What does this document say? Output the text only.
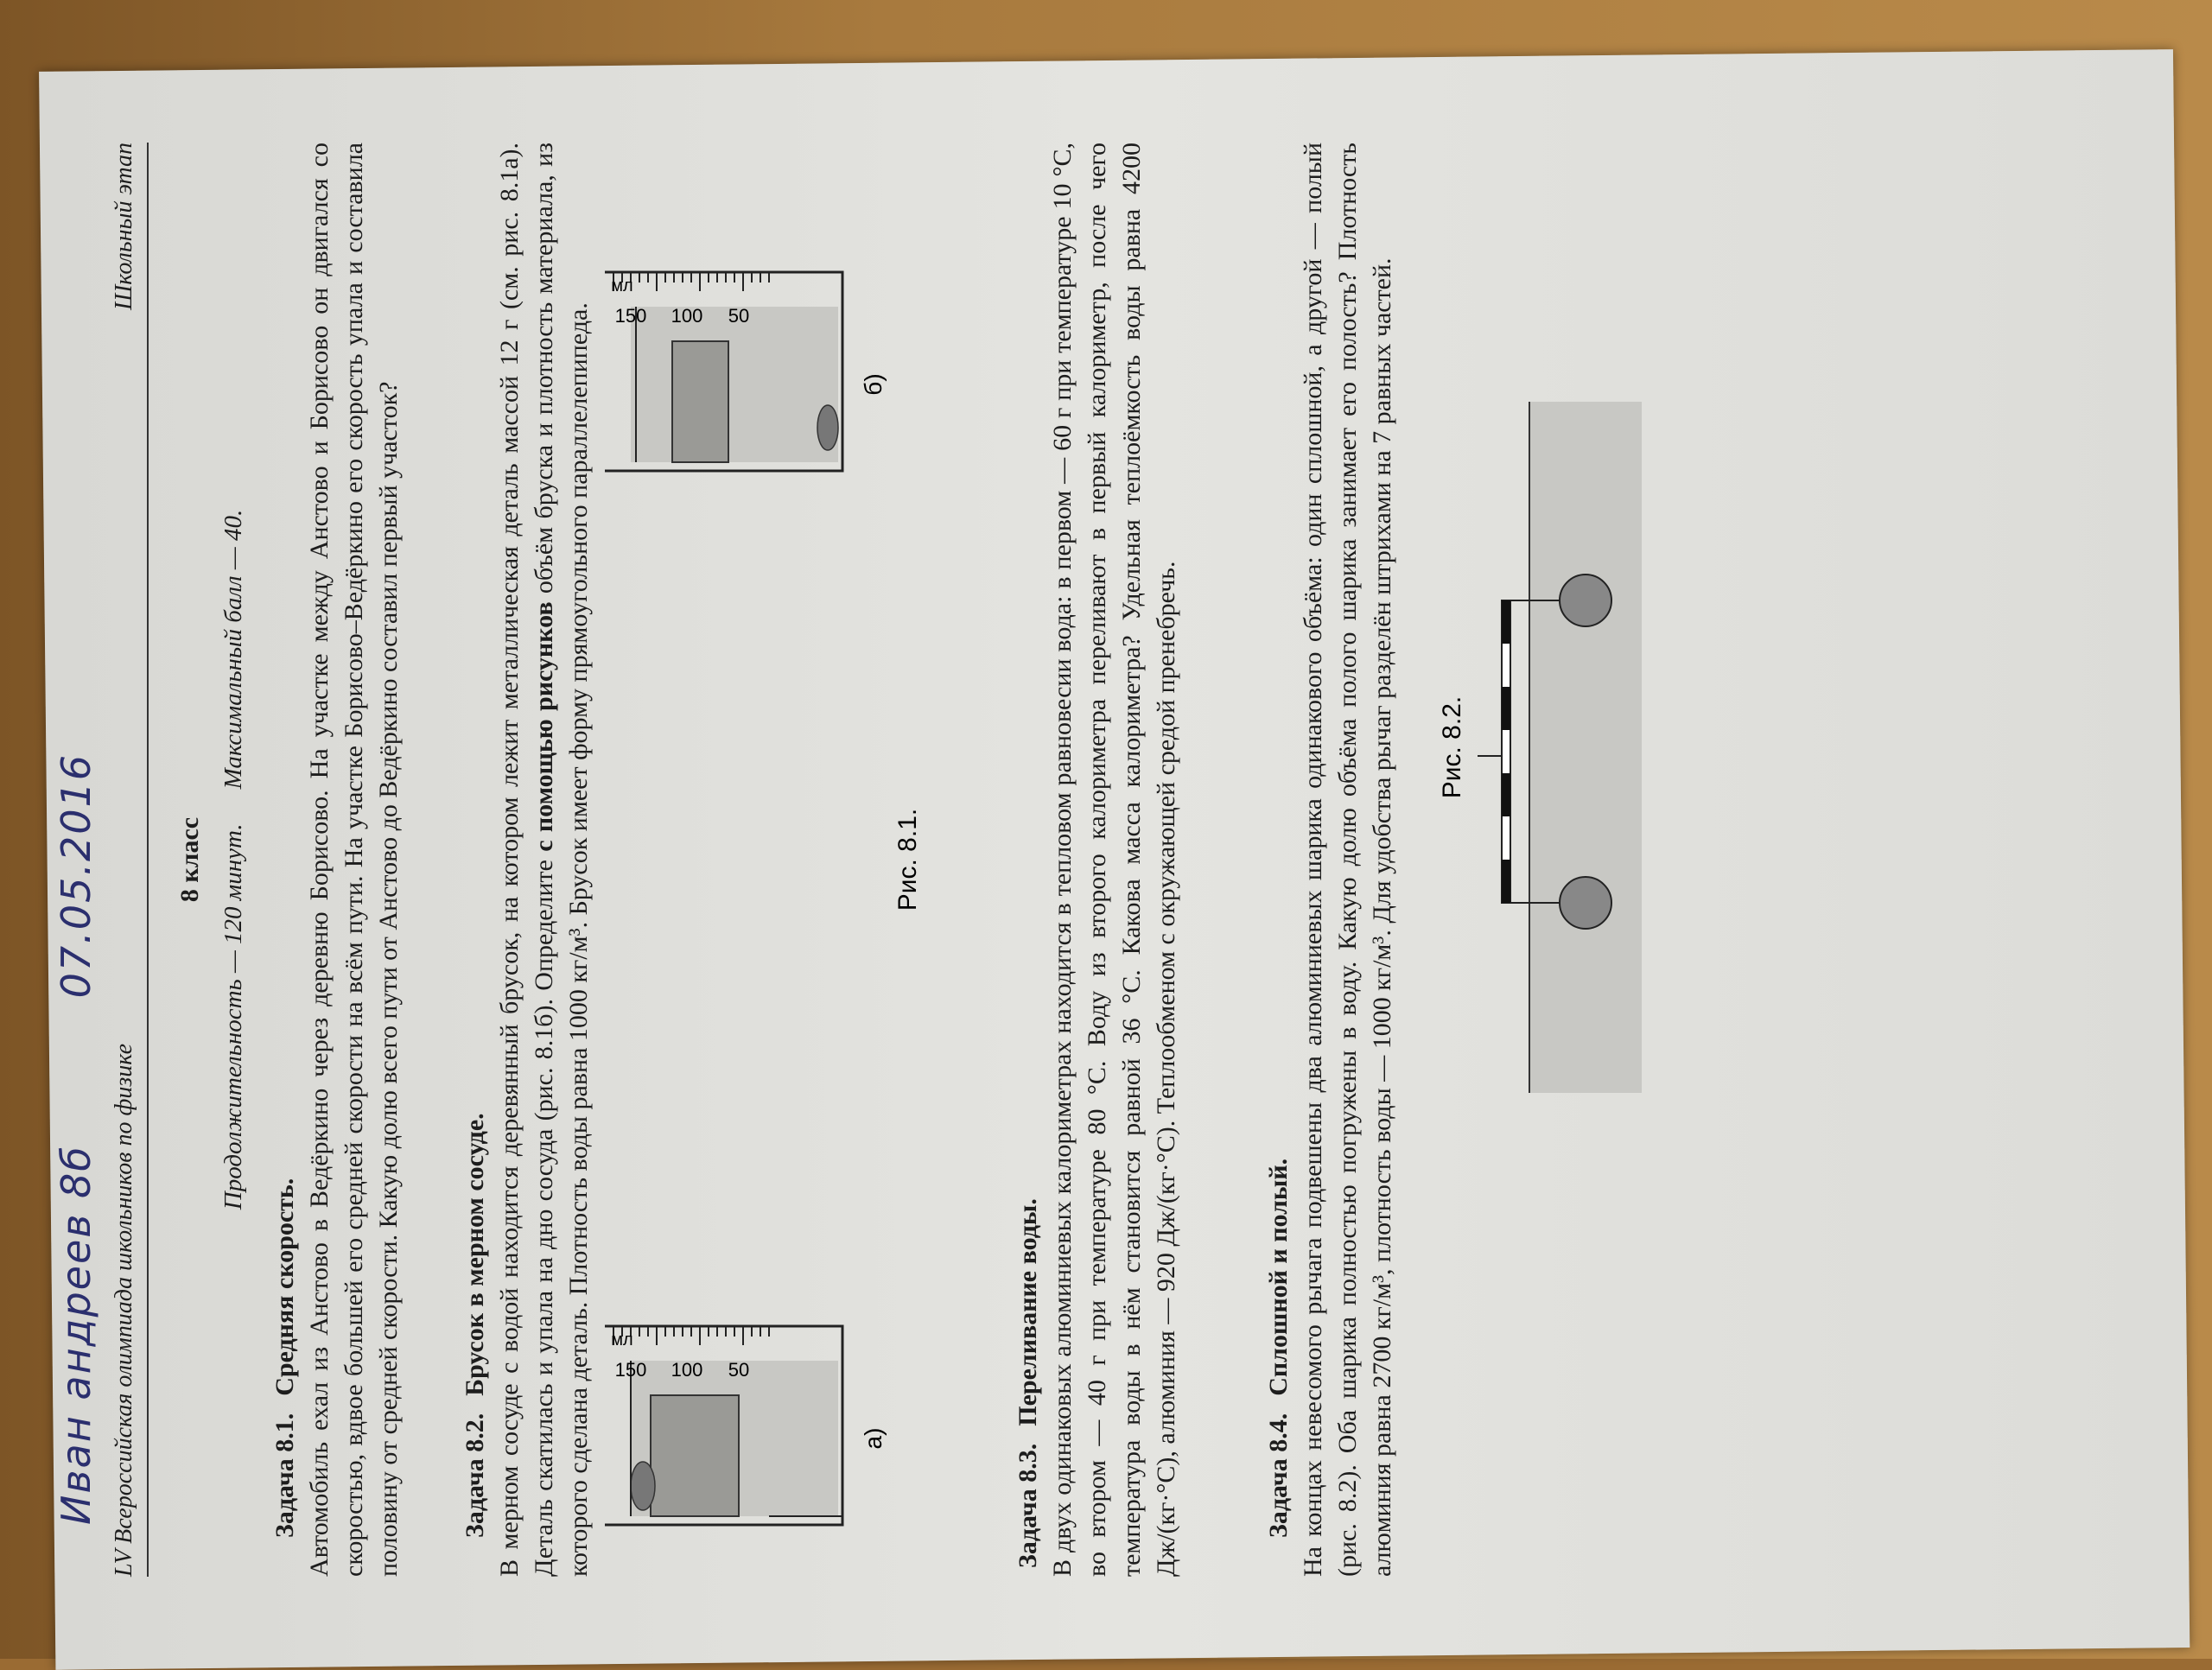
LV Всероссийская олимпиада школьников по физике
Школьный этап
Иван андреев 8б07.05.2016	8 класс Продолжительность — 120 минут.Максимальный балл — 40.
Задача 8.1.Средняя скорость. Автомобиль ехал из Анстово в Ведёркино через деревню Борисово. На участке между Анстово и Борисово он двигался со скоростью, вдвое большей его средней скорости на всём пути. На участке Борисово–Ведёркино его скорость упала и составила половину от средней скорости. Какую долю всего пути от Анстово до Ведёркино составил первый участок? Задача 8.2.Брусок в мерном сосуде. В мерном сосуде с водой находится деревянный брусок, на котором лежит металлическая деталь массой 12 г (см. рис. 8.1а). Деталь скатилась и упала на дно сосуда (рис. 8.1б). Определите с помощью рисунков объём бруска и плотность материала, из которого сделана деталь. Плотность воды равна 1000 кг/м³. Брусок имеет форму прямоугольного параллелепипеда. мл
150 100 50
а)
мл
150 100 50
б)
Рис. 8.1.
Задача 8.3.Переливание воды. В двух одинаковых алюминиевых калориметрах находится в тепловом равновесии вода: в первом — 60 г при температуре 10 °C, во втором — 40 г при температуре 80 °C. Воду из второго калориметра переливают в первый калориметр, после чего температура воды в нём становится равной 36 °C. Какова масса калориметра? Удельная теплоёмкость воды равна 4200 Дж/(кг·°C), алюминия — 920 Дж/(кг·°C). Теплообменом с окружающей средой пренебречь.	Задача 8.4.Сплошной и полый. На концах невесомого рычага подвешены два алюминиевых шарика одинакового объёма: один сплошной, а другой — полый (рис. 8.2). Оба шарика полностью погружены в воду. Какую долю объёма полого шарика занимает его полость? Плотность алюминия равна 2700 кг/м³, плотность воды — 1000 кг/м³. Для удобства рычаг разделён штрихами на 7 равных частей. Рис. 8.2.
